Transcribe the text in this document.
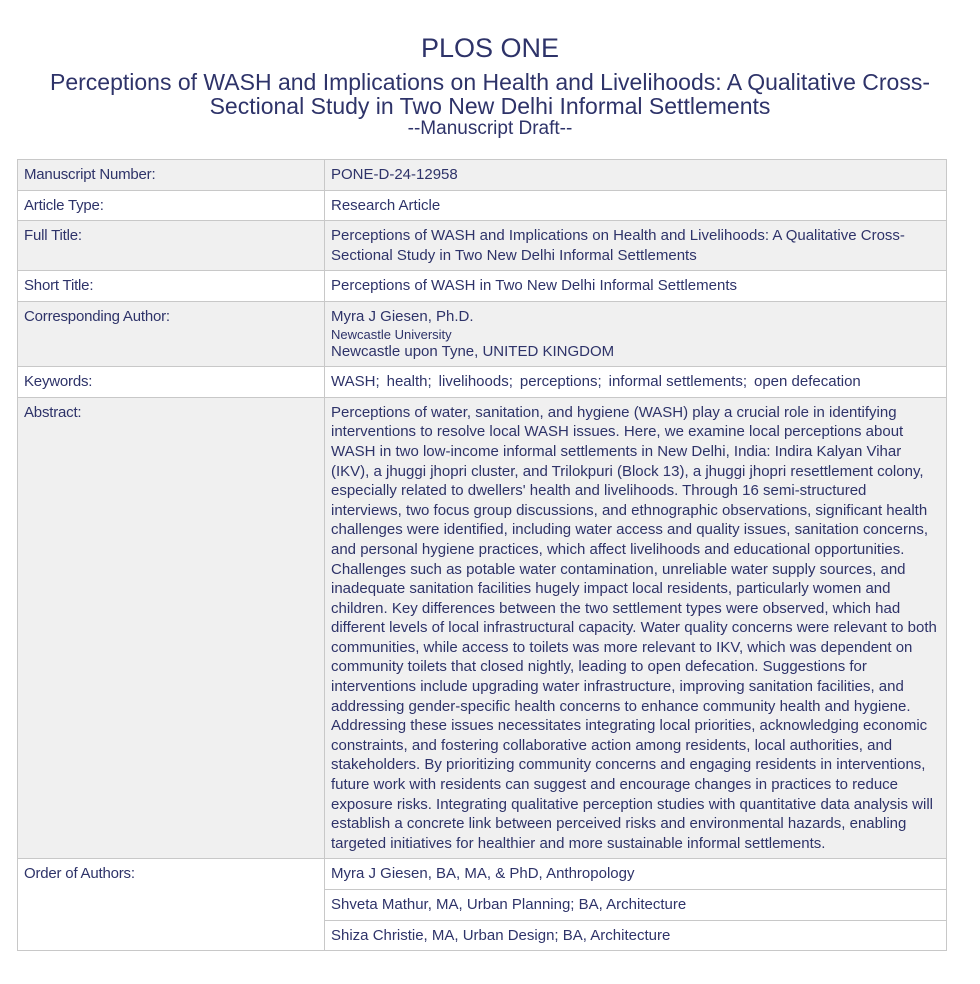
PLOS ONE
Perceptions of WASH and Implications on Health and Livelihoods: A Qualitative Cross-Sectional Study in Two New Delhi Informal Settlements
--Manuscript Draft--
Manuscript Number:	PONE-D-24-12958
Article Type:	Research Article
Full Title:	Perceptions of WASH and Implications on Health and Livelihoods: A Qualitative Cross-Sectional Study in Two New Delhi Informal Settlements
Short Title:	Perceptions of WASH in Two New Delhi Informal Settlements
Corresponding Author:	Myra J Giesen, Ph.D.
Newcastle University
Newcastle upon Tyne, UNITED KINGDOM

Keywords:	WASH; health; livelihoods; perceptions; informal settlements; open defecation
Abstract:	Perceptions of water, sanitation, and hygiene (WASH) play a crucial role in identifying interventions to resolve local WASH issues. Here, we examine local perceptions about WASH in two low-income informal settlements in New Delhi, India: Indira Kalyan Vihar (IKV), a jhuggi jhopri cluster, and Trilokpuri (Block 13), a jhuggi jhopri resettlement colony, especially related to dwellers' health and livelihoods. Through 16 semi-structured interviews, two focus group discussions, and ethnographic observations, significant health challenges were identified, including water access and quality issues, sanitation concerns, and personal hygiene practices, which affect livelihoods and educational opportunities. Challenges such as potable water contamination, unreliable water supply sources, and inadequate sanitation facilities hugely impact local residents, particularly women and children. Key differences between the two settlement types were observed, which had different levels of local infrastructural capacity. Water quality concerns were relevant to both communities, while access to toilets was more relevant to IKV, which was dependent on community toilets that closed nightly, leading to open defecation. Suggestions for interventions include upgrading water infrastructure, improving sanitation facilities, and addressing gender-specific health concerns to enhance community health and hygiene. Addressing these issues necessitates integrating local priorities, acknowledging economic constraints, and fostering collaborative action among residents, local authorities, and stakeholders. By prioritizing community concerns and engaging residents in interventions, future work with residents can suggest and encourage changes in practices to reduce exposure risks. Integrating qualitative perception studies with quantitative data analysis will establish a concrete link between perceived risks and environmental hazards, enabling targeted initiatives for healthier and more sustainable informal settlements.
Order of Authors:	Myra J Giesen, BA, MA, & PhD, Anthropology
	Shveta Mathur, MA, Urban Planning; BA, Architecture
	Shiza Christie, MA, Urban Design; BA, Architecture
